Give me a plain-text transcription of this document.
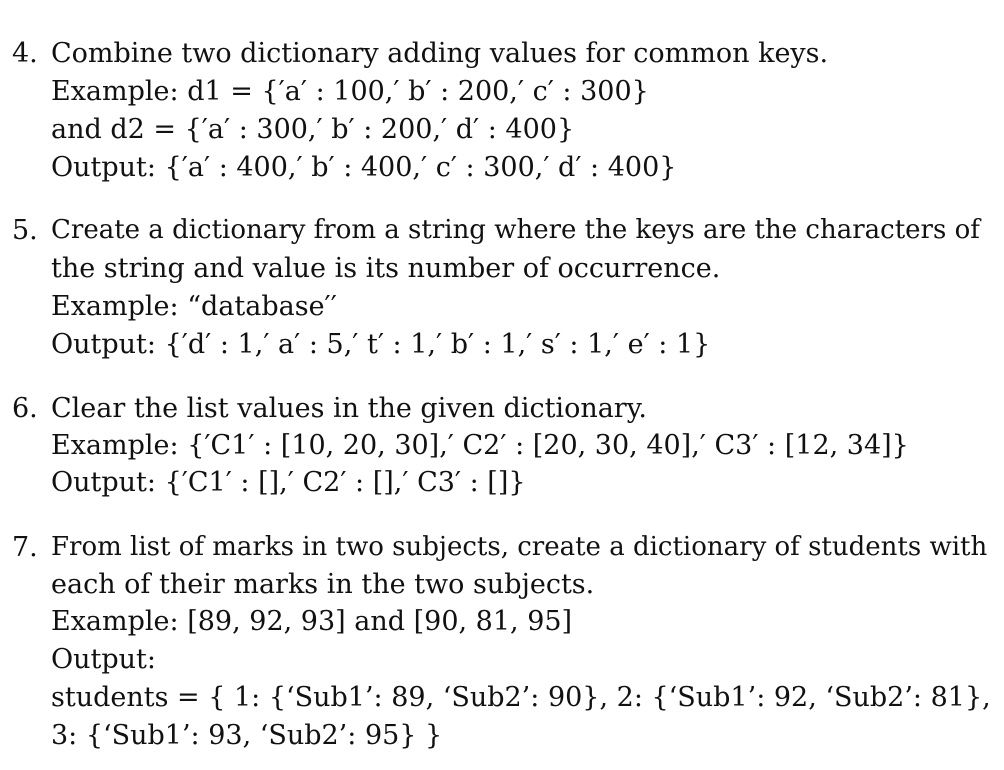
4. Combine two dictionary adding values for common keys.
Example: d1 = {′a′ : 100,′ b′ : 200,′ c′ : 300}
and d2 = {′a′ : 300,′ b′ : 200,′ d′ : 400}
Output: {′a′ : 400,′ b′ : 400,′ c′ : 300,′ d′ : 400}
5. Create a dictionary from a string where the keys are the characters of
the string and value is its number of occurrence.
Example: “database′′
Output: {′d′ : 1,′ a′ : 5,′ t′ : 1,′ b′ : 1,′ s′ : 1,′ e′ : 1}
6. Clear the list values in the given dictionary.
Example: {′C1′ : [10, 20, 30],′ C2′ : [20, 30, 40],′ C3′ : [12, 34]}
Output: {′C1′ : [],′ C2′ : [],′ C3′ : []}
7. From list of marks in two subjects, create a dictionary of students with
each of their marks in the two subjects.
Example: [89, 92, 93] and [90, 81, 95]
Output:
students = { 1: {‘Sub1’: 89, ‘Sub2’: 90}, 2: {‘Sub1’: 92, ‘Sub2’: 81},
3: {‘Sub1’: 93, ‘Sub2’: 95} }
